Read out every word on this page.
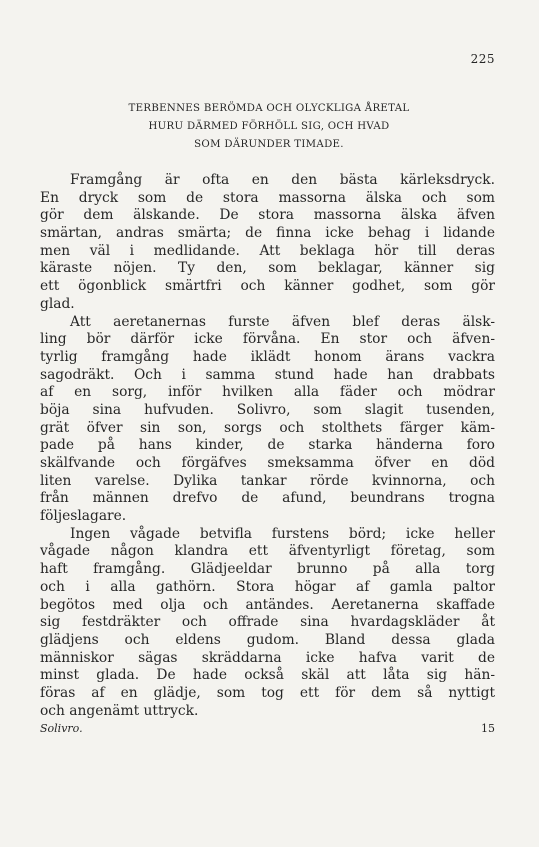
225
TERBENNES BERÖMDA OCH OLYCKLIGA ÅRETAL
HURU DÄRMED FÖRHÖLL SIG, OCH HVAD
SOM DÄRUNDER TIMADE.
Framgång är ofta en den bästa kärleksdryck.
En dryck som de stora massorna älska och som
gör dem älskande. De stora massorna älska äfven
smärtan, andras smärta; de finna icke behag i lidande
men väl i medlidande. Att beklaga hör till deras
käraste nöjen. Ty den, som beklagar, känner sig
ett ögonblick smärtfri och känner godhet, som gör
glad.
Att aeretanernas furste äfven blef deras älsk-
ling bör därför icke förvåna. En stor och äfven-
tyrlig framgång hade iklädt honom ärans vackra
sagodräkt. Och i samma stund hade han drabbats
af en sorg, inför hvilken alla fäder och mödrar
böja sina hufvuden. Solivro, som slagit tusenden,
grät öfver sin son, sorgs och stolthets färger käm-
pade på hans kinder, de starka händerna foro
skälfvande och förgäfves smeksamma öfver en död
liten varelse. Dylika tankar rörde kvinnorna, och
från männen drefvo de afund, beundrans trogna
följeslagare.
Ingen vågade betvifla furstens börd; icke heller
vågade någon klandra ett äfventyrligt företag, som
haft framgång. Glädjeeldar brunno på alla torg
och i alla gathörn. Stora högar af gamla paltor
begötos med olja och antändes. Aeretanerna skaffade
sig festdräkter och offrade sina hvardagskläder åt
glädjens och eldens gudom. Bland dessa glada
människor sägas skräddarna icke hafva varit de
minst glada. De hade också skäl att låta sig hän-
föras af en glädje, som tog ett för dem så nyttigt
och angenämt uttryck.
Solivro.	15
